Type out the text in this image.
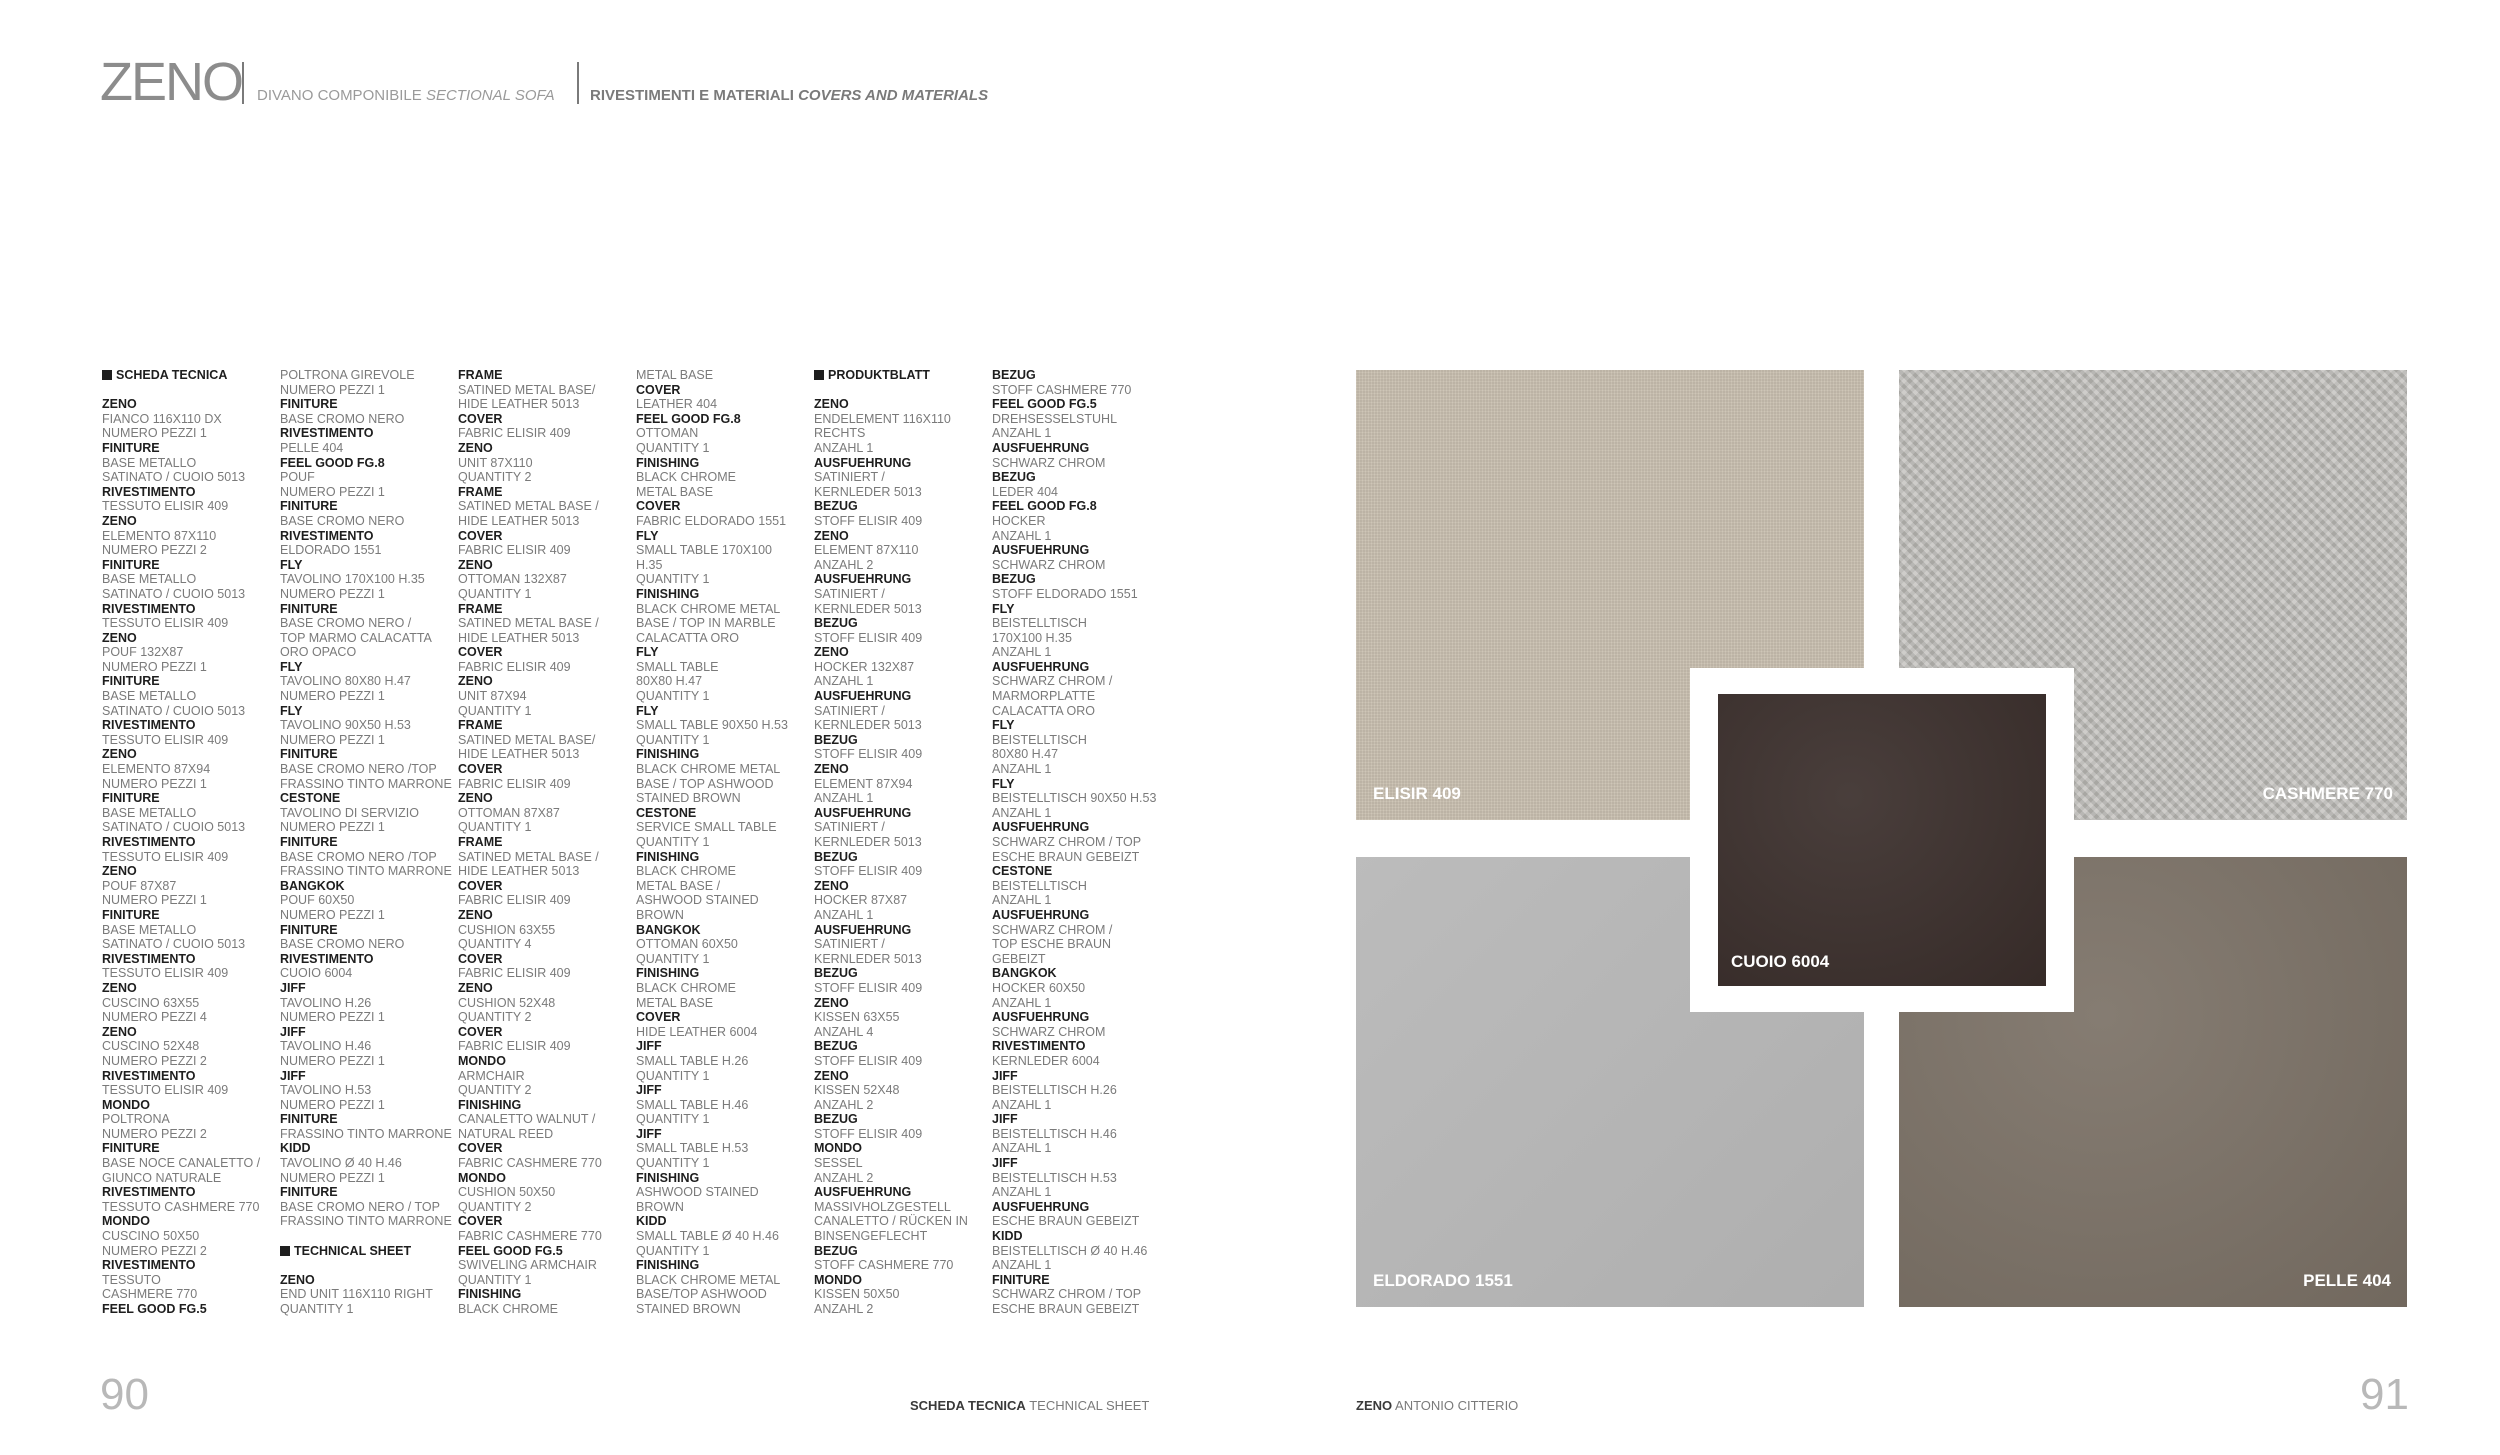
ZENO DIVANO COMPONIBILE SECTIONAL SOFA RIVESTIMENTI E MATERIALI COVERS AND MATERIALS
SCHEDA TECNICA
ZENO
FIANCO 116X110 DX
NUMERO PEZZI 1
FINITURE
BASE METALLO
SATINATO / CUOIO 5013
RIVESTIMENTO
TESSUTO ELISIR 409
ZENO
ELEMENTO 87X110
NUMERO PEZZI 2
FINITURE
BASE METALLO
SATINATO / CUOIO 5013
RIVESTIMENTO
TESSUTO ELISIR 409
ZENO
POUF 132X87
NUMERO PEZZI 1
FINITURE
BASE METALLO
SATINATO / CUOIO 5013
RIVESTIMENTO
TESSUTO ELISIR 409
ZENO
ELEMENTO 87X94
NUMERO PEZZI 1
FINITURE
BASE METALLO
SATINATO / CUOIO 5013
RIVESTIMENTO
TESSUTO ELISIR 409
ZENO
POUF 87X87
NUMERO PEZZI 1
FINITURE
BASE METALLO
SATINATO / CUOIO 5013
RIVESTIMENTO
TESSUTO ELISIR 409
ZENO
CUSCINO 63X55
NUMERO PEZZI 4
ZENO
CUSCINO 52X48
NUMERO PEZZI 2
RIVESTIMENTO
TESSUTO ELISIR 409
MONDO
POLTRONA
NUMERO PEZZI 2
FINITURE
BASE NOCE CANALETTO /
GIUNCO NATURALE
RIVESTIMENTO
TESSUTO CASHMERE 770
MONDO
CUSCINO 50X50
NUMERO PEZZI 2
RIVESTIMENTO
TESSUTO
CASHMERE 770
FEEL GOOD FG.5
POLTRONA GIREVOLE
NUMERO PEZZI 1
FINITURE
BASE CROMO NERO
RIVESTIMENTO
PELLE 404
FEEL GOOD FG.8
POUF
NUMERO PEZZI 1
FINITURE
BASE CROMO NERO
RIVESTIMENTO
ELDORADO 1551
FLY
TAVOLINO 170X100 H.35
NUMERO PEZZI 1
FINITURE
BASE CROMO NERO /
TOP MARMO CALACATTA
ORO OPACO
FLY
TAVOLINO 80X80 H.47
NUMERO PEZZI 1
FLY
TAVOLINO 90X50 H.53
NUMERO PEZZI 1
FINITURE
BASE CROMO NERO /TOP
FRASSINO TINTO MARRONE
CESTONE
TAVOLINO DI SERVIZIO
NUMERO PEZZI 1
FINITURE
BASE CROMO NERO /TOP
FRASSINO TINTO MARRONE
BANGKOK
POUF 60X50
NUMERO PEZZI 1
FINITURE
BASE CROMO NERO
RIVESTIMENTO
CUOIO 6004
JIFF
TAVOLINO H.26
NUMERO PEZZI 1
JIFF
TAVOLINO H.46
NUMERO PEZZI 1
JIFF
TAVOLINO H.53
NUMERO PEZZI 1
FINITURE
FRASSINO TINTO MARRONE
KIDD
TAVOLINO Ø 40 H.46
NUMERO PEZZI 1
FINITURE
BASE CROMO NERO / TOP
FRASSINO TINTO MARRONE
TECHNICAL SHEET
ZENO
END UNIT 116X110 RIGHT
QUANTITY 1
FRAME
SATINED METAL BASE/
HIDE LEATHER 5013
COVER
FABRIC ELISIR 409
ZENO
UNIT 87X110
QUANTITY 2
FRAME
SATINED METAL BASE /
HIDE LEATHER 5013
COVER
FABRIC ELISIR 409
ZENO
OTTOMAN 132X87
QUANTITY 1
FRAME
SATINED METAL BASE /
HIDE LEATHER 5013
COVER
FABRIC ELISIR 409
ZENO
UNIT 87X94
QUANTITY 1
FRAME
SATINED METAL BASE/
HIDE LEATHER 5013
COVER
FABRIC ELISIR 409
ZENO
OTTOMAN 87X87
QUANTITY 1
FRAME
SATINED METAL BASE /
HIDE LEATHER 5013
COVER
FABRIC ELISIR 409
ZENO
CUSHION 63X55
QUANTITY 4
COVER
FABRIC ELISIR 409
ZENO
CUSHION 52X48
QUANTITY 2
COVER
FABRIC ELISIR 409
MONDO
ARMCHAIR
QUANTITY 2
FINISHING
CANALETTO WALNUT /
NATURAL REED
COVER
FABRIC CASHMERE 770
MONDO
CUSHION 50X50
QUANTITY 2
COVER
FABRIC CASHMERE 770
FEEL GOOD FG.5
SWIVELING ARMCHAIR
QUANTITY 1
FINISHING
BLACK CHROME
METAL BASE
COVER
LEATHER 404
FEEL GOOD FG.8
OTTOMAN
QUANTITY 1
FINISHING
BLACK CHROME
METAL BASE
COVER
FABRIC ELDORADO 1551
FLY
SMALL TABLE 170X100
H.35
QUANTITY 1
FINISHING
BLACK CHROME METAL
BASE / TOP IN MARBLE
CALACATTA ORO
FLY
SMALL TABLE
80X80 H.47
QUANTITY 1
FLY
SMALL TABLE 90X50 H.53
QUANTITY 1
FINISHING
BLACK CHROME METAL
BASE / TOP ASHWOOD
STAINED BROWN
CESTONE
SERVICE SMALL TABLE
QUANTITY 1
FINISHING
BLACK CHROME
METAL BASE /
ASHWOOD STAINED
BROWN
BANGKOK
OTTOMAN 60X50
QUANTITY 1
FINISHING
BLACK CHROME
METAL BASE
COVER
HIDE LEATHER 6004
JIFF
SMALL TABLE H.26
QUANTITY 1
JIFF
SMALL TABLE H.46
QUANTITY 1
JIFF
SMALL TABLE H.53
QUANTITY 1
FINISHING
ASHWOOD STAINED
BROWN
KIDD
SMALL TABLE Ø 40 H.46
QUANTITY 1
FINISHING
BLACK CHROME METAL
BASE/TOP ASHWOOD
STAINED BROWN
PRODUKTBLATT
ZENO
ENDELEMENT 116X110
RECHTS
ANZAHL 1
AUSFUEHRUNG
SATINIERT /
KERNLEDER 5013
BEZUG
STOFF ELISIR 409
ZENO
ELEMENT 87X110
ANZAHL 2
AUSFUEHRUNG
SATINIERT /
KERNLEDER 5013
BEZUG
STOFF ELISIR 409
ZENO
HOCKER 132X87
ANZAHL 1
AUSFUEHRUNG
SATINIERT /
KERNLEDER 5013
BEZUG
STOFF ELISIR 409
ZENO
ELEMENT 87X94
ANZAHL 1
AUSFUEHRUNG
SATINIERT /
KERNLEDER 5013
BEZUG
STOFF ELISIR 409
ZENO
HOCKER 87X87
ANZAHL 1
AUSFUEHRUNG
SATINIERT /
KERNLEDER 5013
BEZUG
STOFF ELISIR 409
ZENO
KISSEN 63X55
ANZAHL 4
BEZUG
STOFF ELISIR 409
ZENO
KISSEN 52X48
ANZAHL 2
BEZUG
STOFF ELISIR 409
MONDO
SESSEL
ANZAHL 2
AUSFUEHRUNG
MASSIVHOLZGESTELL
CANALETTO / RÜCKEN IN
BINSENGEFLECHT
BEZUG
STOFF CASHMERE 770
MONDO
KISSEN 50X50
ANZAHL 2
BEZUG
STOFF CASHMERE 770
FEEL GOOD FG.5
DREHSESSELSTUHL
ANZAHL 1
AUSFUEHRUNG
SCHWARZ CHROM
BEZUG
LEDER 404
FEEL GOOD FG.8
HOCKER
ANZAHL 1
AUSFUEHRUNG
SCHWARZ CHROM
BEZUG
STOFF ELDORADO 1551
FLY
BEISTELLTISCH
170X100 H.35
ANZAHL 1
AUSFUEHRUNG
SCHWARZ CHROM /
MARMORPLATTE
CALACATTA ORO
FLY
BEISTELLTISCH
80X80 H.47
ANZAHL 1
FLY
BEISTELLTISCH 90X50 H.53
ANZAHL 1
AUSFUEHRUNG
SCHWARZ CHROM / TOP
ESCHE BRAUN GEBEIZT
CESTONE
BEISTELLTISCH
ANZAHL 1
AUSFUEHRUNG
SCHWARZ CHROM /
TOP ESCHE BRAUN
GEBEIZT
BANGKOK
HOCKER 60X50
ANZAHL 1
AUSFUEHRUNG
SCHWARZ CHROM
RIVESTIMENTO
KERNLEDER 6004
JIFF
BEISTELLTISCH H.26
ANZAHL 1
JIFF
BEISTELLTISCH H.46
ANZAHL 1
JIFF
BEISTELLTISCH H.53
ANZAHL 1
AUSFUEHRUNG
ESCHE BRAUN GEBEIZT
KIDD
BEISTELLTISCH Ø 40 H.46
ANZAHL 1
FINITURE
SCHWARZ CHROM / TOP
ESCHE BRAUN GEBEIZT
ELISIR 409	CASHMERE 770
ELDORADO 1551	PELLE 404
CUOIO 6004
90	SCHEDA TECNICA TECHNICAL SHEET	ZENO ANTONIO CITTERIO	91
